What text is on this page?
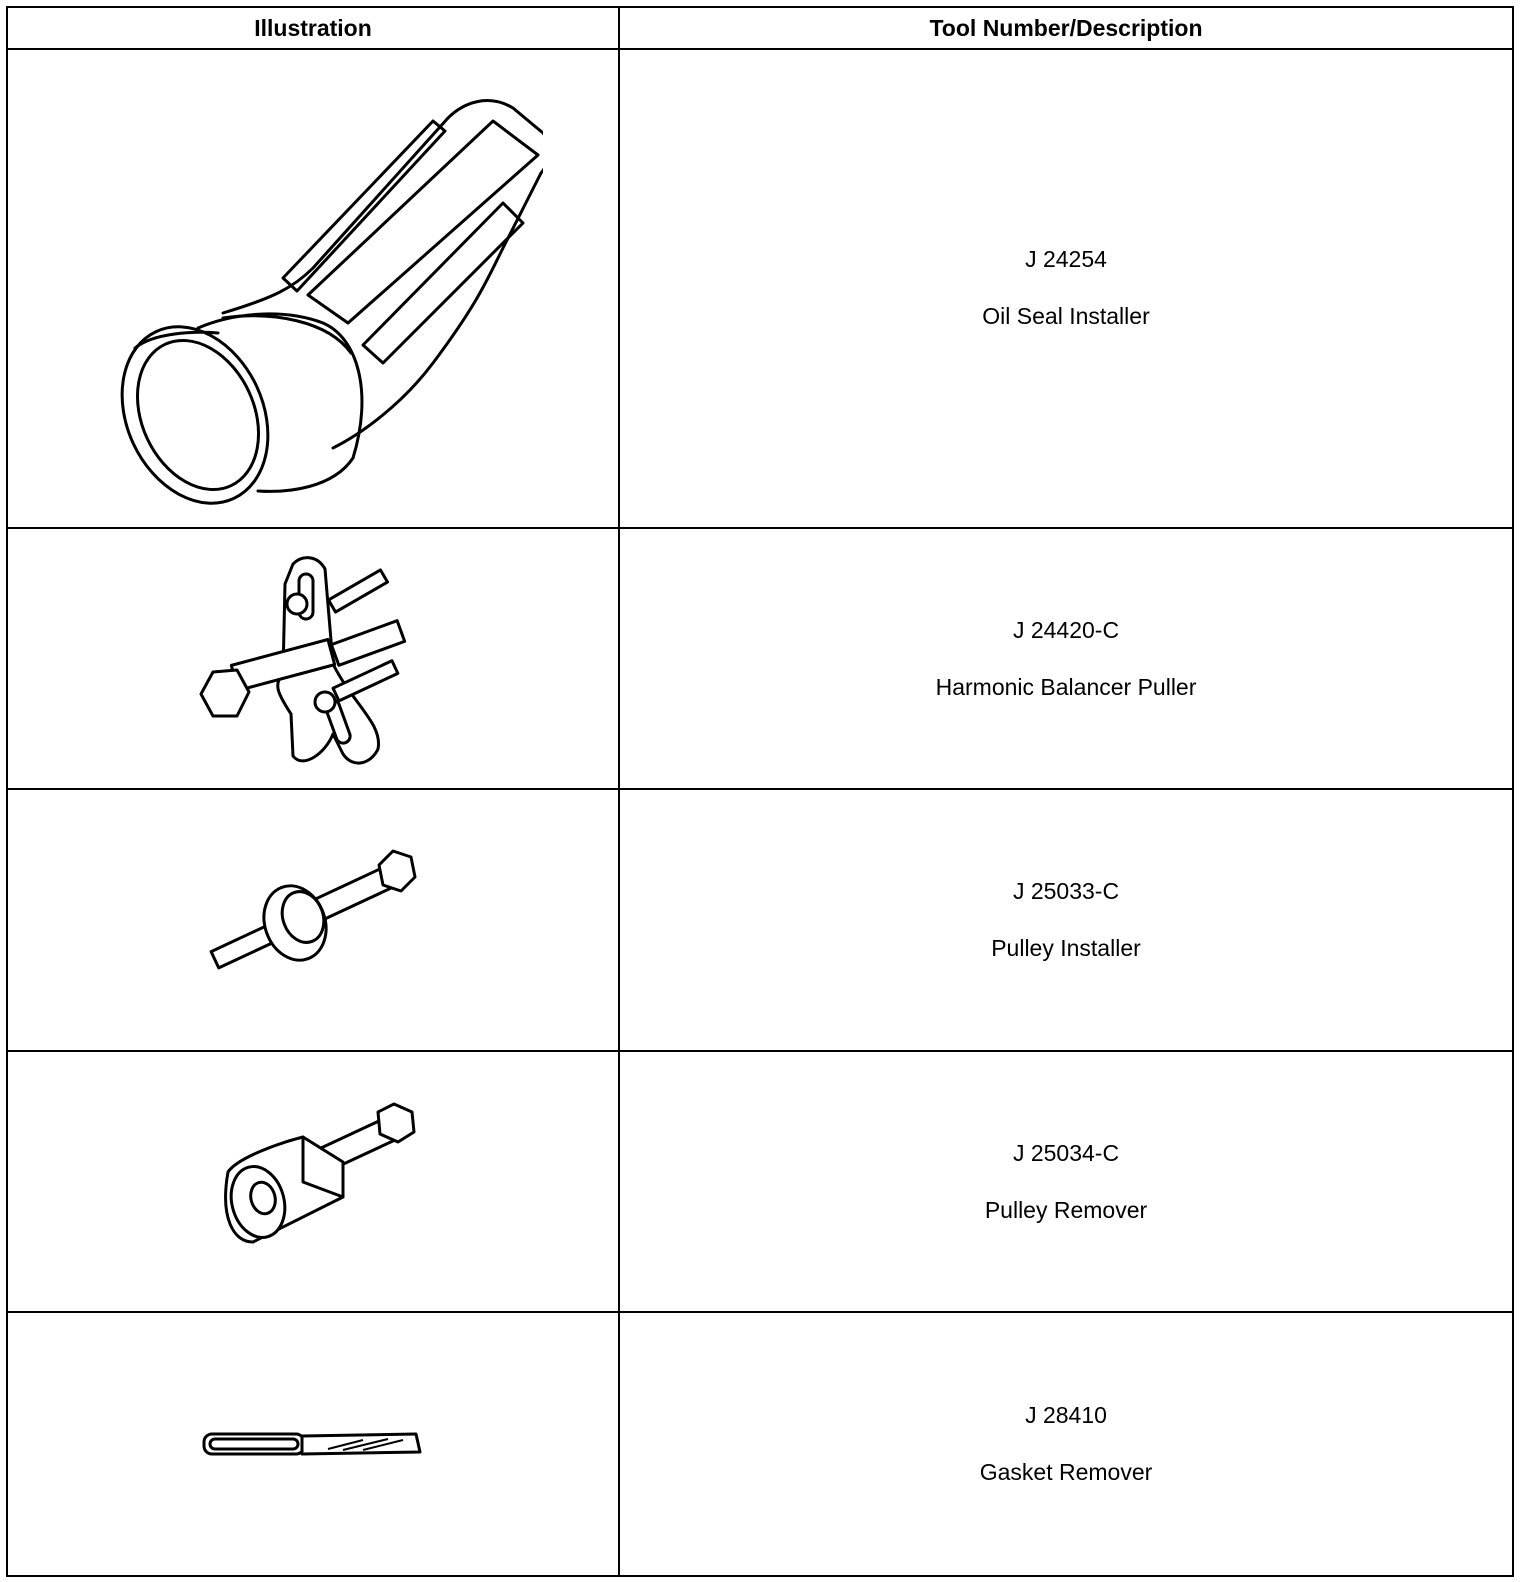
Illustration	Tool Number/Description

J 24254
Oil Seal Installer

J 24420-C
Harmonic Balancer Puller

J 25033-C
Pulley Installer

J 25034-C
Pulley Remover

J 28410
Gasket Remover
